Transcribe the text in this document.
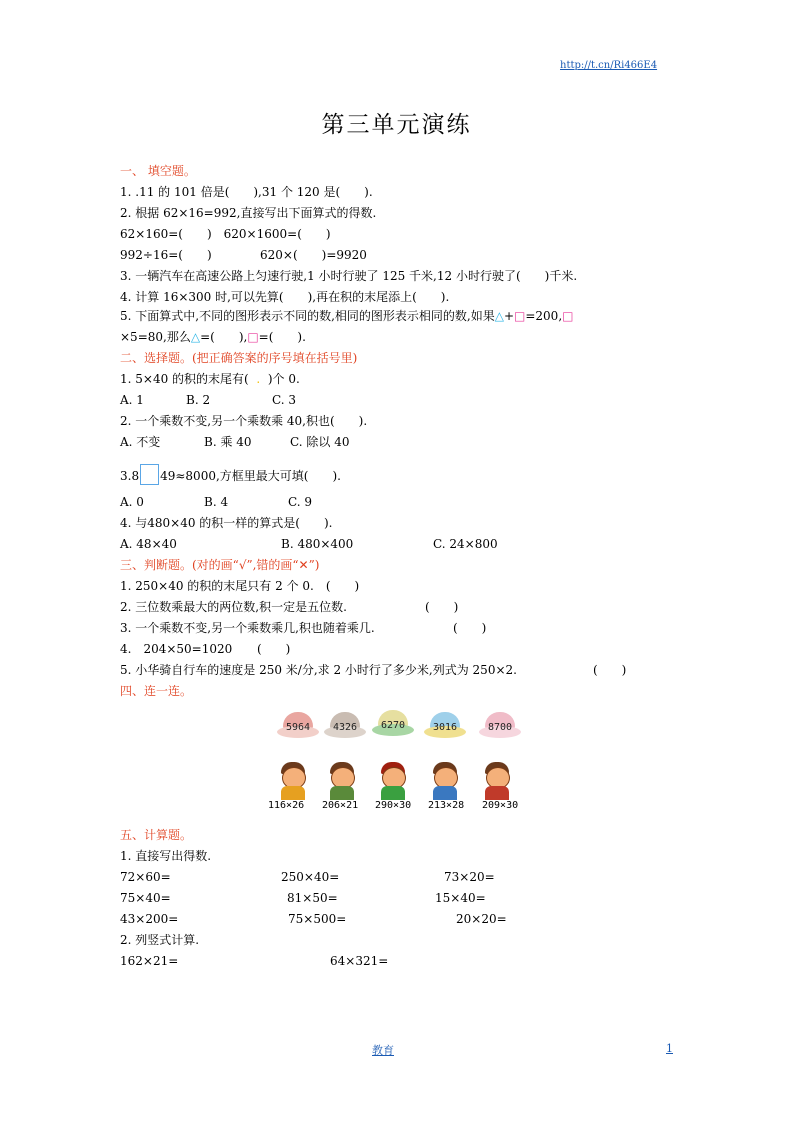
http://t.cn/Ri466E4
第三单元演练
一、 填空题。
1. .11 的 101 倍是(　　),31 个 120 是(　　).
2. 根据 62×16=992,直接写出下面算式的得数.
62×160=(　　)　620×1600=(　　)
992÷16=(　　)	620×(　　)=9920
3. 一辆汽车在高速公路上匀速行驶,1 小时行驶了 125 千米,12 小时行驶了(　　)千米.
4. 计算 16×300 时,可以先算(　　),再在积的末尾添上(　　).
5. 下面算式中,不同的图形表示不同的数,相同的图形表示相同的数,如果△+□=200,□
×5=80,那么△=(　　),□=(　　).
二、选择题。(把正确答案的序号填在括号里)
1. 5×40 的积的末尾有( . )个 0.
A. 1	B. 2	C. 3
2. 一个乘数不变,另一个乘数乘 40,积也(　　).
A. 不变	B. 乘 40	C. 除以 40
3.8 49≈8000,方框里最大可填(　　).
A. 0	B. 4	C. 9
4. 与480×40 的积一样的算式是(　　).
A. 48×40	B. 480×400	C. 24×800
三、判断题。(对的画“√”,错的画“✕”)
1. 250×40 的积的末尾只有 2 个 0.　(　　)
2. 三位数乘最大的两位数,积一定是五位数.	(　　)
3. 一个乘数不变,另一个乘数乘几,积也随着乘几.	(　　)
4.　204×50=1020 (　　)
5. 小华骑自行车的速度是 250 米/分,求 2 小时行了多少米,列式为 250×2.	(　　)
四、连一连。
5964	4326	6270	3016	8700
116×26 206×21 290×30 213×28 209×30
五、计算题。
1. 直接写出得数.
72×60=	250×40=	73×20=
75×40=	81×50=	15×40=
43×200=	75×500=	20×20=
2. 列竖式计算.
162×21=	64×321=
教育	1
